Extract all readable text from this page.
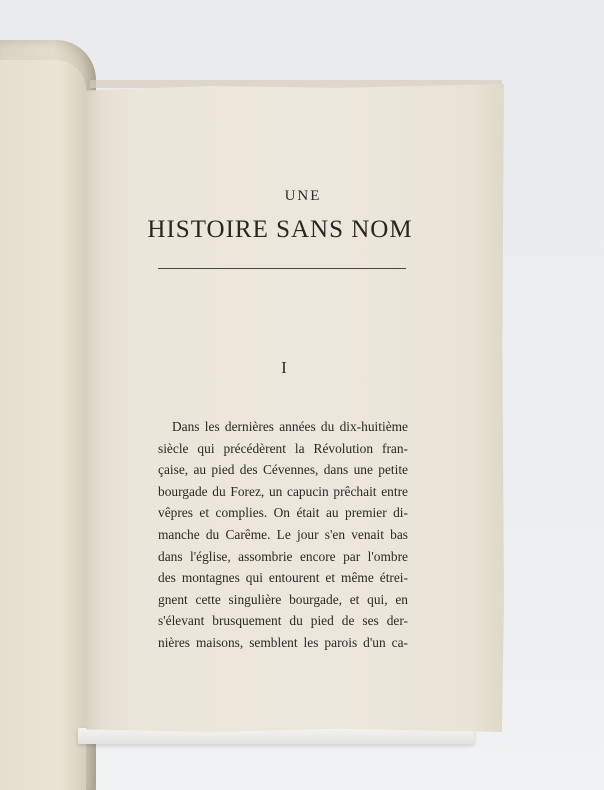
UNE
HISTOIRE SANS NOM
I
Dans les dernières années du dix-huitième
siècle qui précédèrent la Révolution fran-
çaise, au pied des Cévennes, dans une petite
bourgade du Forez, un capucin prêchait entre
vêpres et complies. On était au premier di-
manche du Carême. Le jour s'en venait bas
dans l'église, assombrie encore par l'ombre
des montagnes qui entourent et même étrei-
gnent cette singulière bourgade, et qui, en
s'élevant brusquement du pied de ses der-
nières maisons, semblent les parois d'un ca-
